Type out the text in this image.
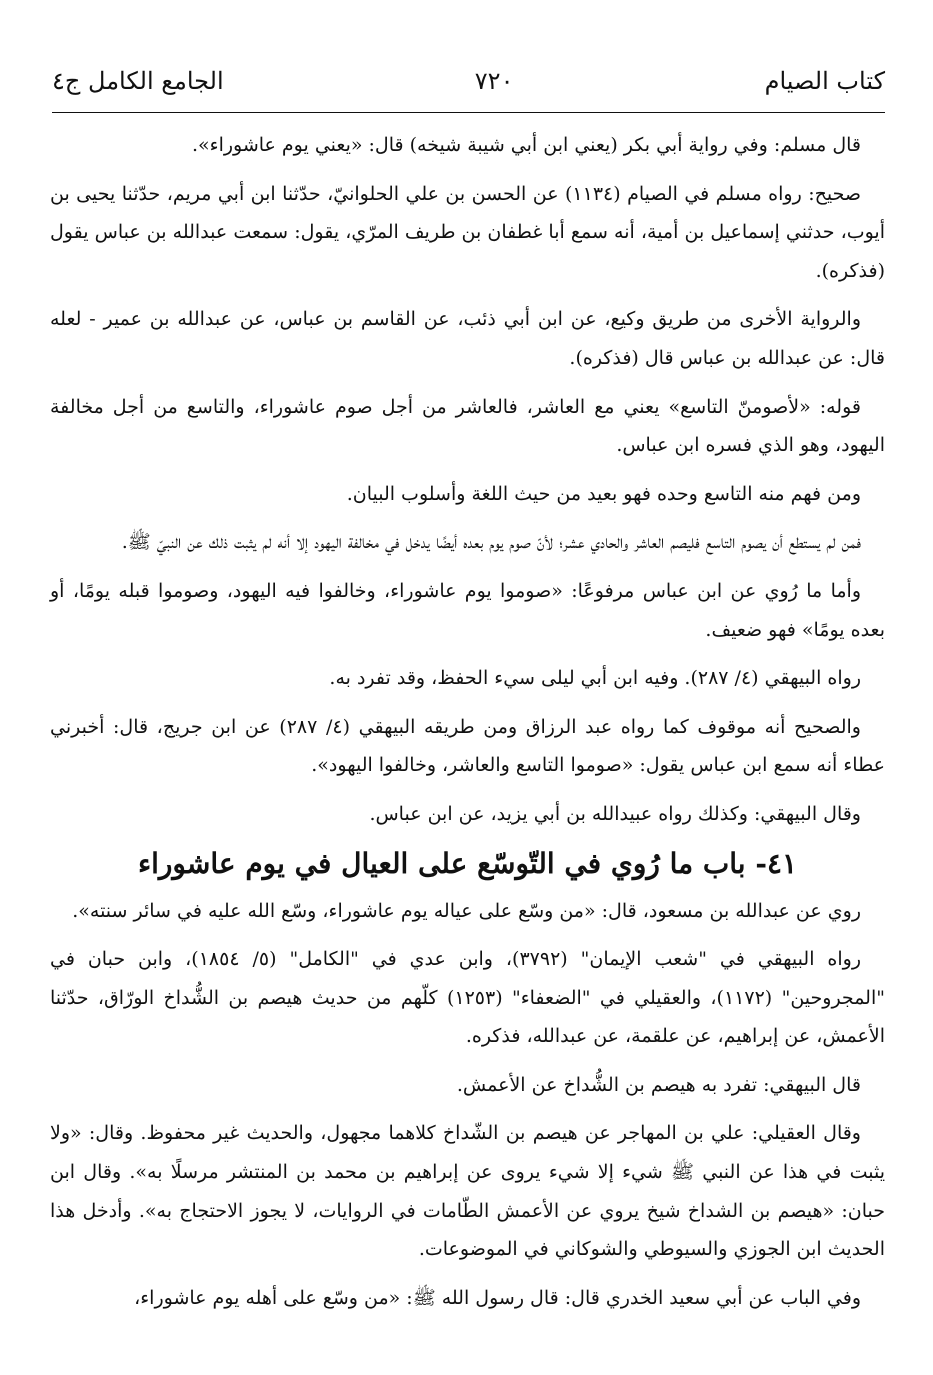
كتاب الصيام
٧٢٠
الجامع الكامل ج٤

قال مسلم: وفي رواية أبي بكر (يعني ابن أبي شيبة شيخه) قال: «يعني يوم عاشوراء».

صحيح: رواه مسلم في الصيام (١١٣٤) عن الحسن بن علي الحلوانيّ، حدّثنا ابن أبي مريم، حدّثنا يحيى بن أيوب، حدثني إسماعيل بن أمية، أنه سمع أبا غطفان بن طريف المرّي، يقول: سمعت عبدالله بن عباس يقول (فذكره).

والرواية الأخرى من طريق وكيع، عن ابن أبي ذئب، عن القاسم بن عباس، عن عبدالله بن عمير - لعله قال: عن عبدالله بن عباس قال (فذكره).

قوله: «لأصومنّ التاسع» يعني مع العاشر، فالعاشر من أجل صوم عاشوراء، والتاسع من أجل مخالفة اليهود، وهو الذي فسره ابن عباس.

ومن فهم منه التاسع وحده فهو بعيد من حيث اللغة وأسلوب البيان.

فمن لم يستطع أن يصوم التاسع فليصم العاشر والحادي عشر؛ لأنّ صوم يوم بعده أيضًا يدخل في مخالفة اليهود إلا أنه لم يثبت ذلك عن النبيّ ﷺ.

وأما ما رُوي عن ابن عباس مرفوعًا: «صوموا يوم عاشوراء، وخالفوا فيه اليهود، وصوموا قبله يومًا، أو بعده يومًا» فهو ضعيف.

رواه البيهقي (٤/ ٢٨٧). وفيه ابن أبي ليلى سيء الحفظ، وقد تفرد به.

والصحيح أنه موقوف كما رواه عبد الرزاق ومن طريقه البيهقي (٤/ ٢٨٧) عن ابن جريج، قال: أخبرني عطاء أنه سمع ابن عباس يقول: «صوموا التاسع والعاشر، وخالفوا اليهود».

وقال البيهقي: وكذلك رواه عبيدالله بن أبي يزيد، عن ابن عباس.

٤١- باب ما رُوي في التّوسّع على العيال في يوم عاشوراء

روي عن عبدالله بن مسعود، قال: «من وسّع على عياله يوم عاشوراء، وسّع الله عليه في سائر سنته».

رواه البيهقي في "شعب الإيمان" (٣٧٩٢)، وابن عدي في "الكامل" (٥/ ١٨٥٤)، وابن حبان في "المجروحين" (١١٧٢)، والعقيلي في "الضعفاء" (١٢٥٣) كلّهم من حديث هيصم بن الشُّداخ الورّاق، حدّثنا الأعمش، عن إبراهيم، عن علقمة، عن عبدالله، فذكره.

قال البيهقي: تفرد به هيصم بن الشُّداخ عن الأعمش.

وقال العقيلي: علي بن المهاجر عن هيصم بن الشّداخ كلاهما مجهول، والحديث غير محفوظ. وقال: «ولا يثبت في هذا عن النبي ﷺ شيء إلا شيء يروى عن إبراهيم بن محمد بن المنتشر مرسلًا به». وقال ابن حبان: «هيصم بن الشداخ شيخ يروي عن الأعمش الطّامات في الروايات، لا يجوز الاحتجاج به». وأدخل هذا الحديث ابن الجوزي والسيوطي والشوكاني في الموضوعات.

وفي الباب عن أبي سعيد الخدري قال: قال رسول الله ﷺ: «من وسّع على أهله يوم عاشوراء،
